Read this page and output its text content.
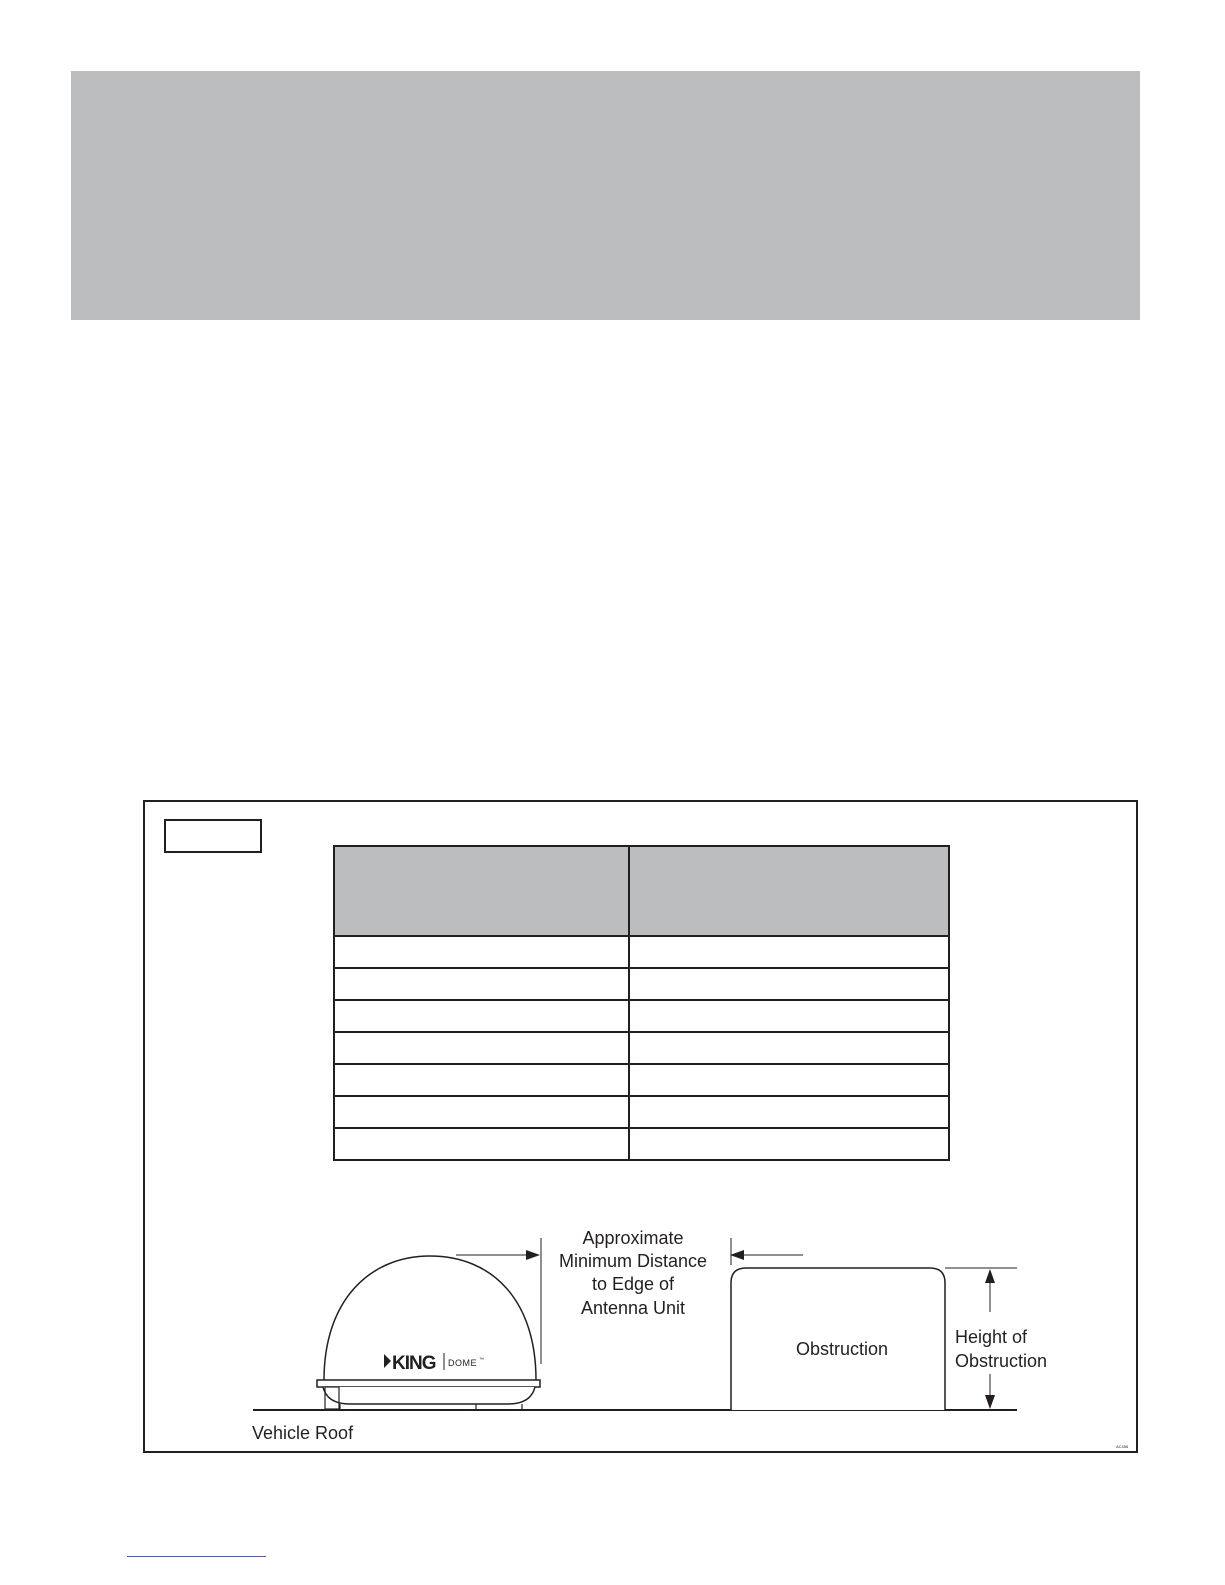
KING DOME ™
Approximate
Minimum Distance
to Edge of
Antenna Unit
Obstruction
Height of
Obstruction
Vehicle Roof
AC456
